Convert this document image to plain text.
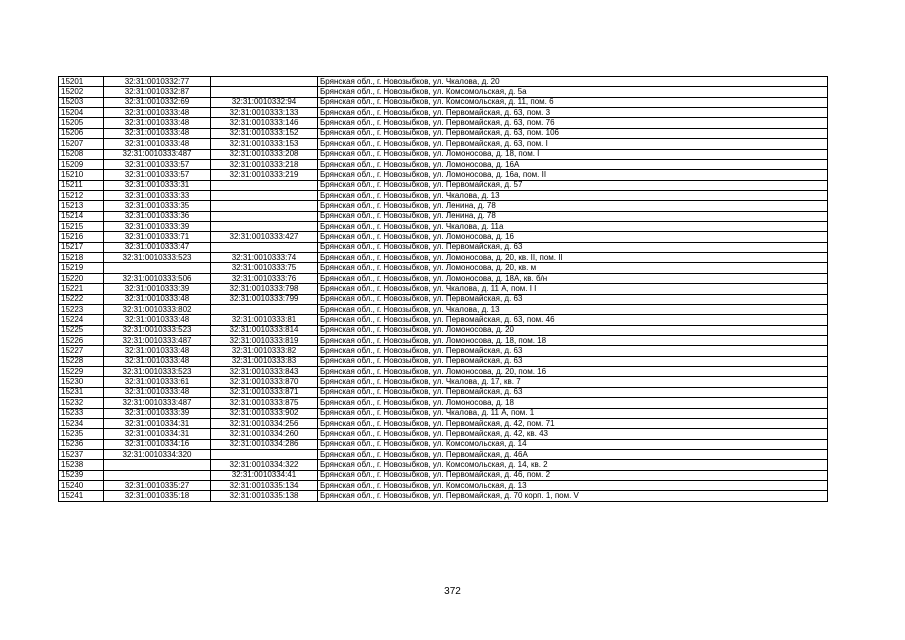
15201	32:31:0010332:77		Брянская обл., г. Новозыбков, ул. Чкалова, д. 20
15202	32:31:0010332:87		Брянская обл., г. Новозыбков, ул. Комсомольская, д. 5а
15203	32:31:0010332:69	32:31:0010332:94	Брянская обл., г. Новозыбков, ул. Комсомольская, д. 11, пом. 6
15204	32:31:0010333:48	32:31:0010333:133	Брянская обл., г. Новозыбков, ул. Первомайская, д. 63, пом. 3
15205	32:31:0010333:48	32:31:0010333:146	Брянская обл., г. Новозыбков, ул. Первомайская, д. 63, пом. 76
15206	32:31:0010333:48	32:31:0010333:152	Брянская обл., г. Новозыбков, ул. Первомайская, д. 63, пом. 106
15207	32:31:0010333:48	32:31:0010333:153	Брянская обл., г. Новозыбков, ул. Первомайская, д. 63, пом. I
15208	32:31:0010333:487	32:31:0010333:208	Брянская обл., г. Новозыбков, ул. Ломоносова, д. 18, пом. I
15209	32:31:0010333:57	32:31:0010333:218	Брянская обл., г. Новозыбков, ул. Ломоносова, д. 16А
15210	32:31:0010333:57	32:31:0010333:219	Брянская обл., г. Новозыбков, ул. Ломоносова, д. 16а, пом. II
15211	32:31:0010333:31		Брянская обл., г. Новозыбков, ул. Первомайская, д. 57
15212	32:31:0010333:33		Брянская обл., г. Новозыбков, ул. Чкалова, д. 13
15213	32:31:0010333:35		Брянская обл., г. Новозыбков, ул. Ленина, д. 78
15214	32:31:0010333:36		Брянская обл., г. Новозыбков, ул. Ленина, д. 78
15215	32:31:0010333:39		Брянская обл., г. Новозыбков, ул. Чкалова, д. 11а
15216	32:31:0010333:71	32:31:0010333:427	Брянская обл., г. Новозыбков, ул. Ломоносова, д. 16
15217	32:31:0010333:47		Брянская обл., г. Новозыбков, ул. Первомайская, д. 63
15218	32:31:0010333:523	32:31:0010333:74	Брянская обл., г. Новозыбков, ул. Ломоносова, д. 20, кв. II, пом. II
15219		32:31:0010333:75	Брянская обл., г. Новозыбков, ул. Ломоносова, д. 20, кв. м
15220	32:31:0010333:506	32:31:0010333:76	Брянская обл., г. Новозыбков, ул. Ломоносова, д. 18А, кв. б/н
15221	32:31:0010333:39	32:31:0010333:798	Брянская обл., г. Новозыбков, ул. Чкалова, д. 11 А, пом. I I
15222	32:31:0010333:48	32:31:0010333:799	Брянская обл., г. Новозыбков, ул. Первомайская, д. 63
15223	32:31:0010333:802		Брянская обл., г. Новозыбков, ул. Чкалова, д. 13
15224	32:31:0010333:48	32:31:0010333:81	Брянская обл., г. Новозыбков, ул. Первомайская, д. 63, пом. 46
15225	32:31:0010333:523	32:31:0010333:814	Брянская обл., г. Новозыбков, ул. Ломоносова, д. 20
15226	32:31:0010333:487	32:31:0010333:819	Брянская обл., г. Новозыбков, ул. Ломоносова, д. 18, пом. 18
15227	32:31:0010333:48	32:31:0010333:82	Брянская обл., г. Новозыбков, ул. Первомайская, д. 63
15228	32:31:0010333:48	32:31:0010333:83	Брянская обл., г. Новозыбков, ул. Первомайская, д. 63
15229	32:31:0010333:523	32:31:0010333:843	Брянская обл., г. Новозыбков, ул. Ломоносова, д. 20, пом. 16
15230	32:31:0010333:61	32:31:0010333:870	Брянская обл., г. Новозыбков, ул. Чкалова, д. 17, кв. 7
15231	32:31:0010333:48	32:31:0010333:871	Брянская обл., г. Новозыбков, ул. Первомайская, д. 63
15232	32:31:0010333:487	32:31:0010333:875	Брянская обл., г. Новозыбков, ул. Ломоносова, д. 18
15233	32:31:0010333:39	32:31:0010333:902	Брянская обл., г. Новозыбков, ул. Чкалова, д. 11 А, пом. 1
15234	32:31:0010334:31	32:31:0010334:256	Брянская обл., г. Новозыбков, ул. Первомайская, д. 42, пом. 71
15235	32:31:0010334:31	32:31:0010334:260	Брянская обл., г. Новозыбков, ул. Первомайская, д. 42, кв. 43
15236	32:31:0010334:16	32:31:0010334:286	Брянская обл., г. Новозыбков, ул. Комсомольская, д. 14
15237	32:31:0010334:320		Брянская обл., г. Новозыбков, ул. Первомайская, д. 46А
15238		32:31:0010334:322	Брянская обл., г. Новозыбков, ул. Комсомольская, д. 14, кв. 2
15239		32:31:0010334:41	Брянская обл., г. Новозыбков, ул. Первомайская, д. 46, пом. 2
15240	32:31:0010335:27	32:31:0010335:134	Брянская обл., г. Новозыбков, ул. Комсомольская, д. 13
15241	32:31:0010335:18	32:31:0010335:138	Брянская обл., г. Новозыбков, ул. Первомайская, д. 70 корп. 1, пом. V
372
